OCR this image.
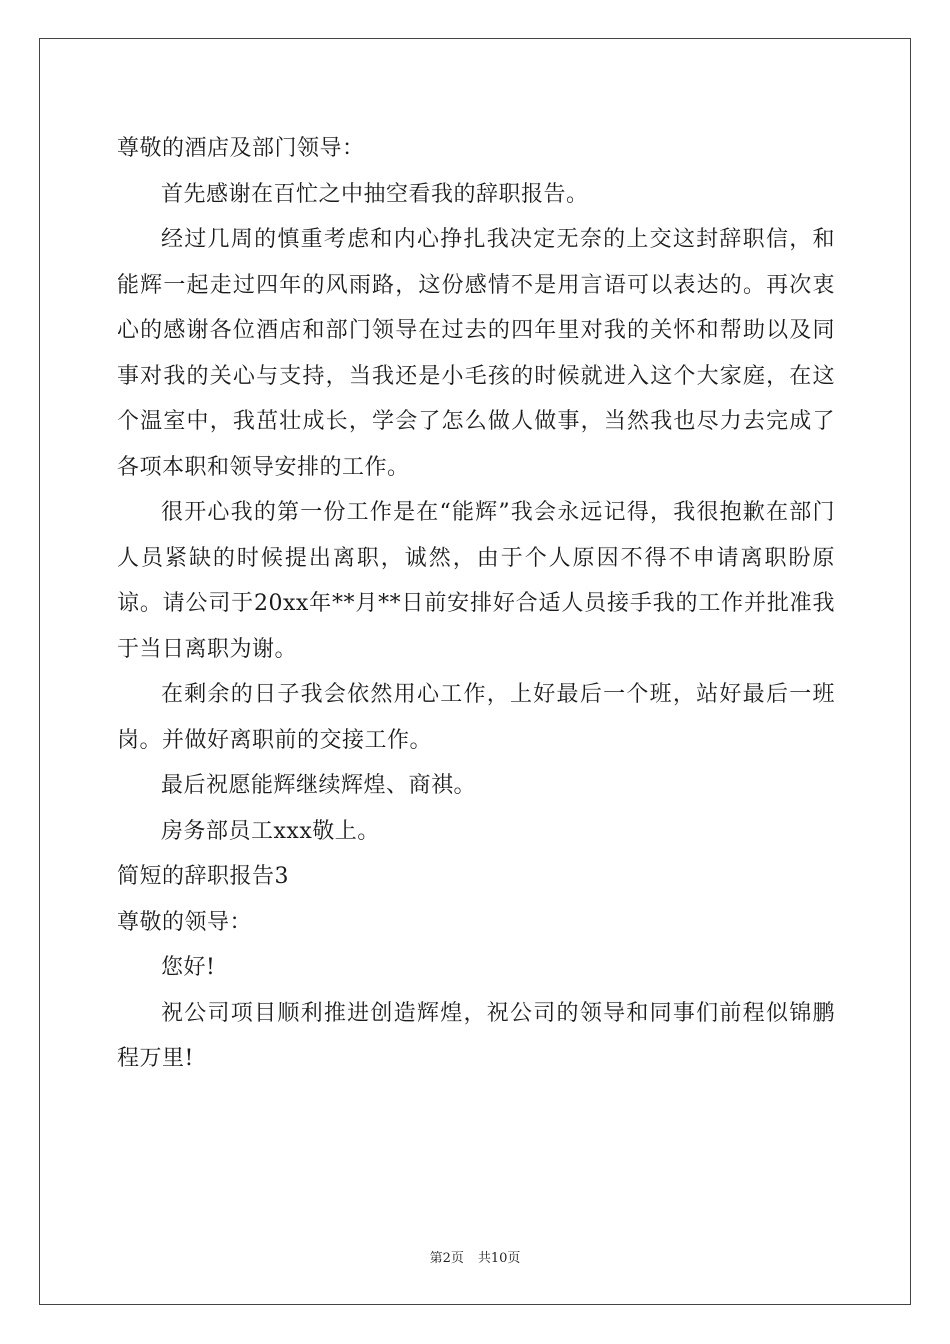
尊敬的酒店及部门领导：

首先感谢在百忙之中抽空看我的辞职报告。

经过几周的慎重考虑和内心挣扎我决定无奈的上交这封辞职信，和能辉一起走过四年的风雨路，这份感情不是用言语可以表达的。再次衷心的感谢各位酒店和部门领导在过去的四年里对我的关怀和帮助以及同事对我的关心与支持，当我还是小毛孩的时候就进入这个大家庭，在这个温室中，我茁壮成长，学会了怎么做人做事，当然我也尽力去完成了各项本职和领导安排的工作。

很开心我的第一份工作是在“能辉”我会永远记得，我很抱歉在部门人员紧缺的时候提出离职，诚然，由于个人原因不得不申请离职盼原谅。请公司于20xx年**月**日前安排好合适人员接手我的工作并批准我于当日离职为谢。

在剩余的日子我会依然用心工作，上好最后一个班，站好最后一班岗。并做好离职前的交接工作。

最后祝愿能辉继续辉煌、商祺。

房务部员工xxx敬上。

简短的辞职报告3

尊敬的领导：

您好!

祝公司项目顺利推进创造辉煌，祝公司的领导和同事们前程似锦鹏程万里!

第2页 共10页
